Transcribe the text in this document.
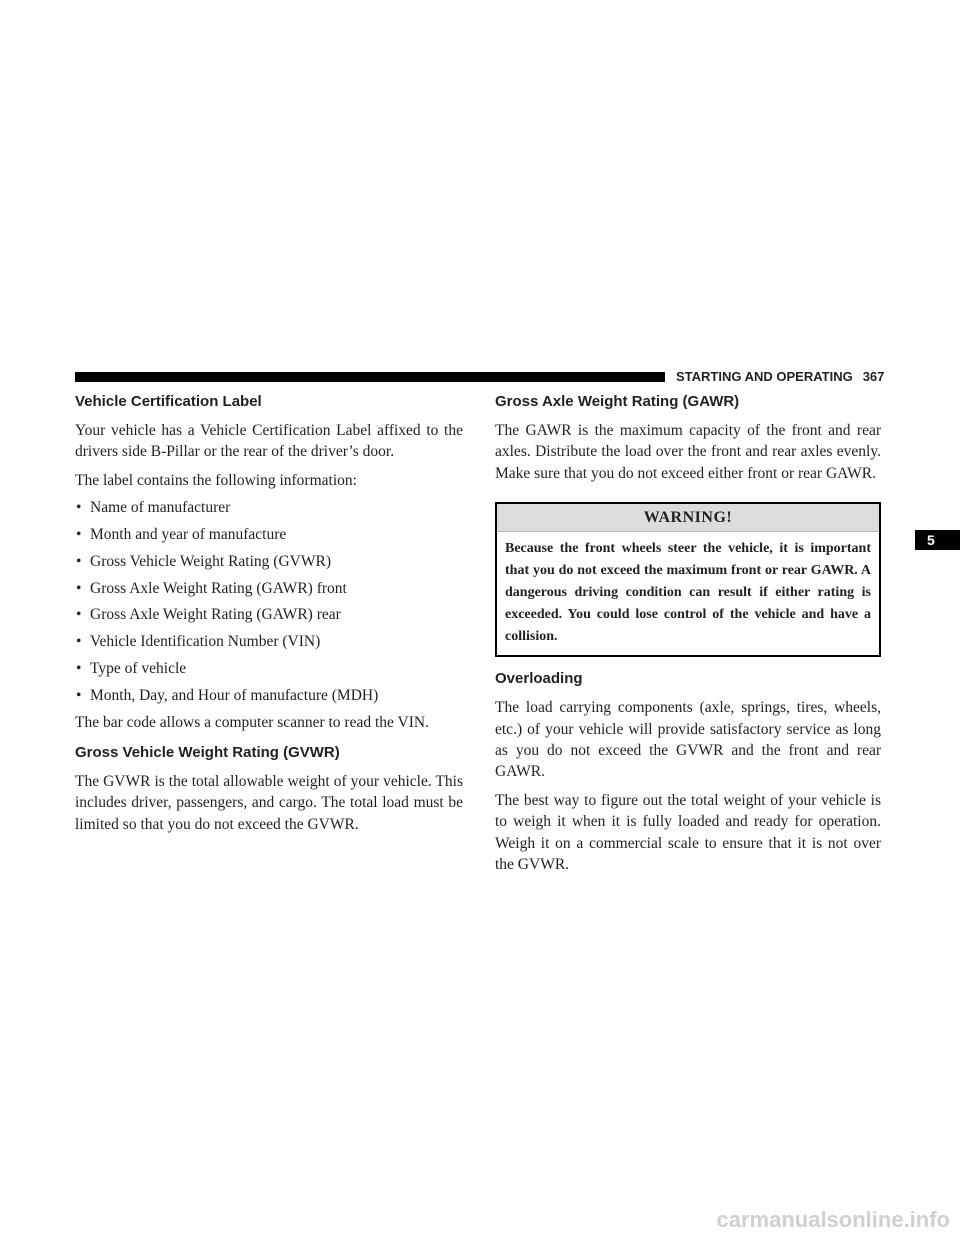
STARTING AND OPERATING 367
Vehicle Certification Label

Your vehicle has a Vehicle Certification Label affixed to the drivers side B-Pillar or the rear of the driver’s door.

The label contains the following information:

• Name of manufacturer
• Month and year of manufacture
• Gross Vehicle Weight Rating (GVWR)
• Gross Axle Weight Rating (GAWR) front
• Gross Axle Weight Rating (GAWR) rear
• Vehicle Identification Number (VIN)
• Type of vehicle
• Month, Day, and Hour of manufacture (MDH)

The bar code allows a computer scanner to read the VIN.

Gross Vehicle Weight Rating (GVWR)

The GVWR is the total allowable weight of your vehicle. This includes driver, passengers, and cargo. The total load must be limited so that you do not exceed the GVWR.

Gross Axle Weight Rating (GAWR)

The GAWR is the maximum capacity of the front and rear axles. Distribute the load over the front and rear axles evenly. Make sure that you do not exceed either front or rear GAWR.

WARNING!
Because the front wheels steer the vehicle, it is important that you do not exceed the maximum front or rear GAWR. A dangerous driving condition can result if either rating is exceeded. You could lose control of the vehicle and have a collision.
Overloading

The load carrying components (axle, springs, tires, wheels, etc.) of your vehicle will provide satisfactory service as long as you do not exceed the GVWR and the front and rear GAWR.

The best way to figure out the total weight of your vehicle is to weigh it when it is fully loaded and ready for operation. Weigh it on a commercial scale to ensure that it is not over the GVWR.

5
carmanualsonline.info
